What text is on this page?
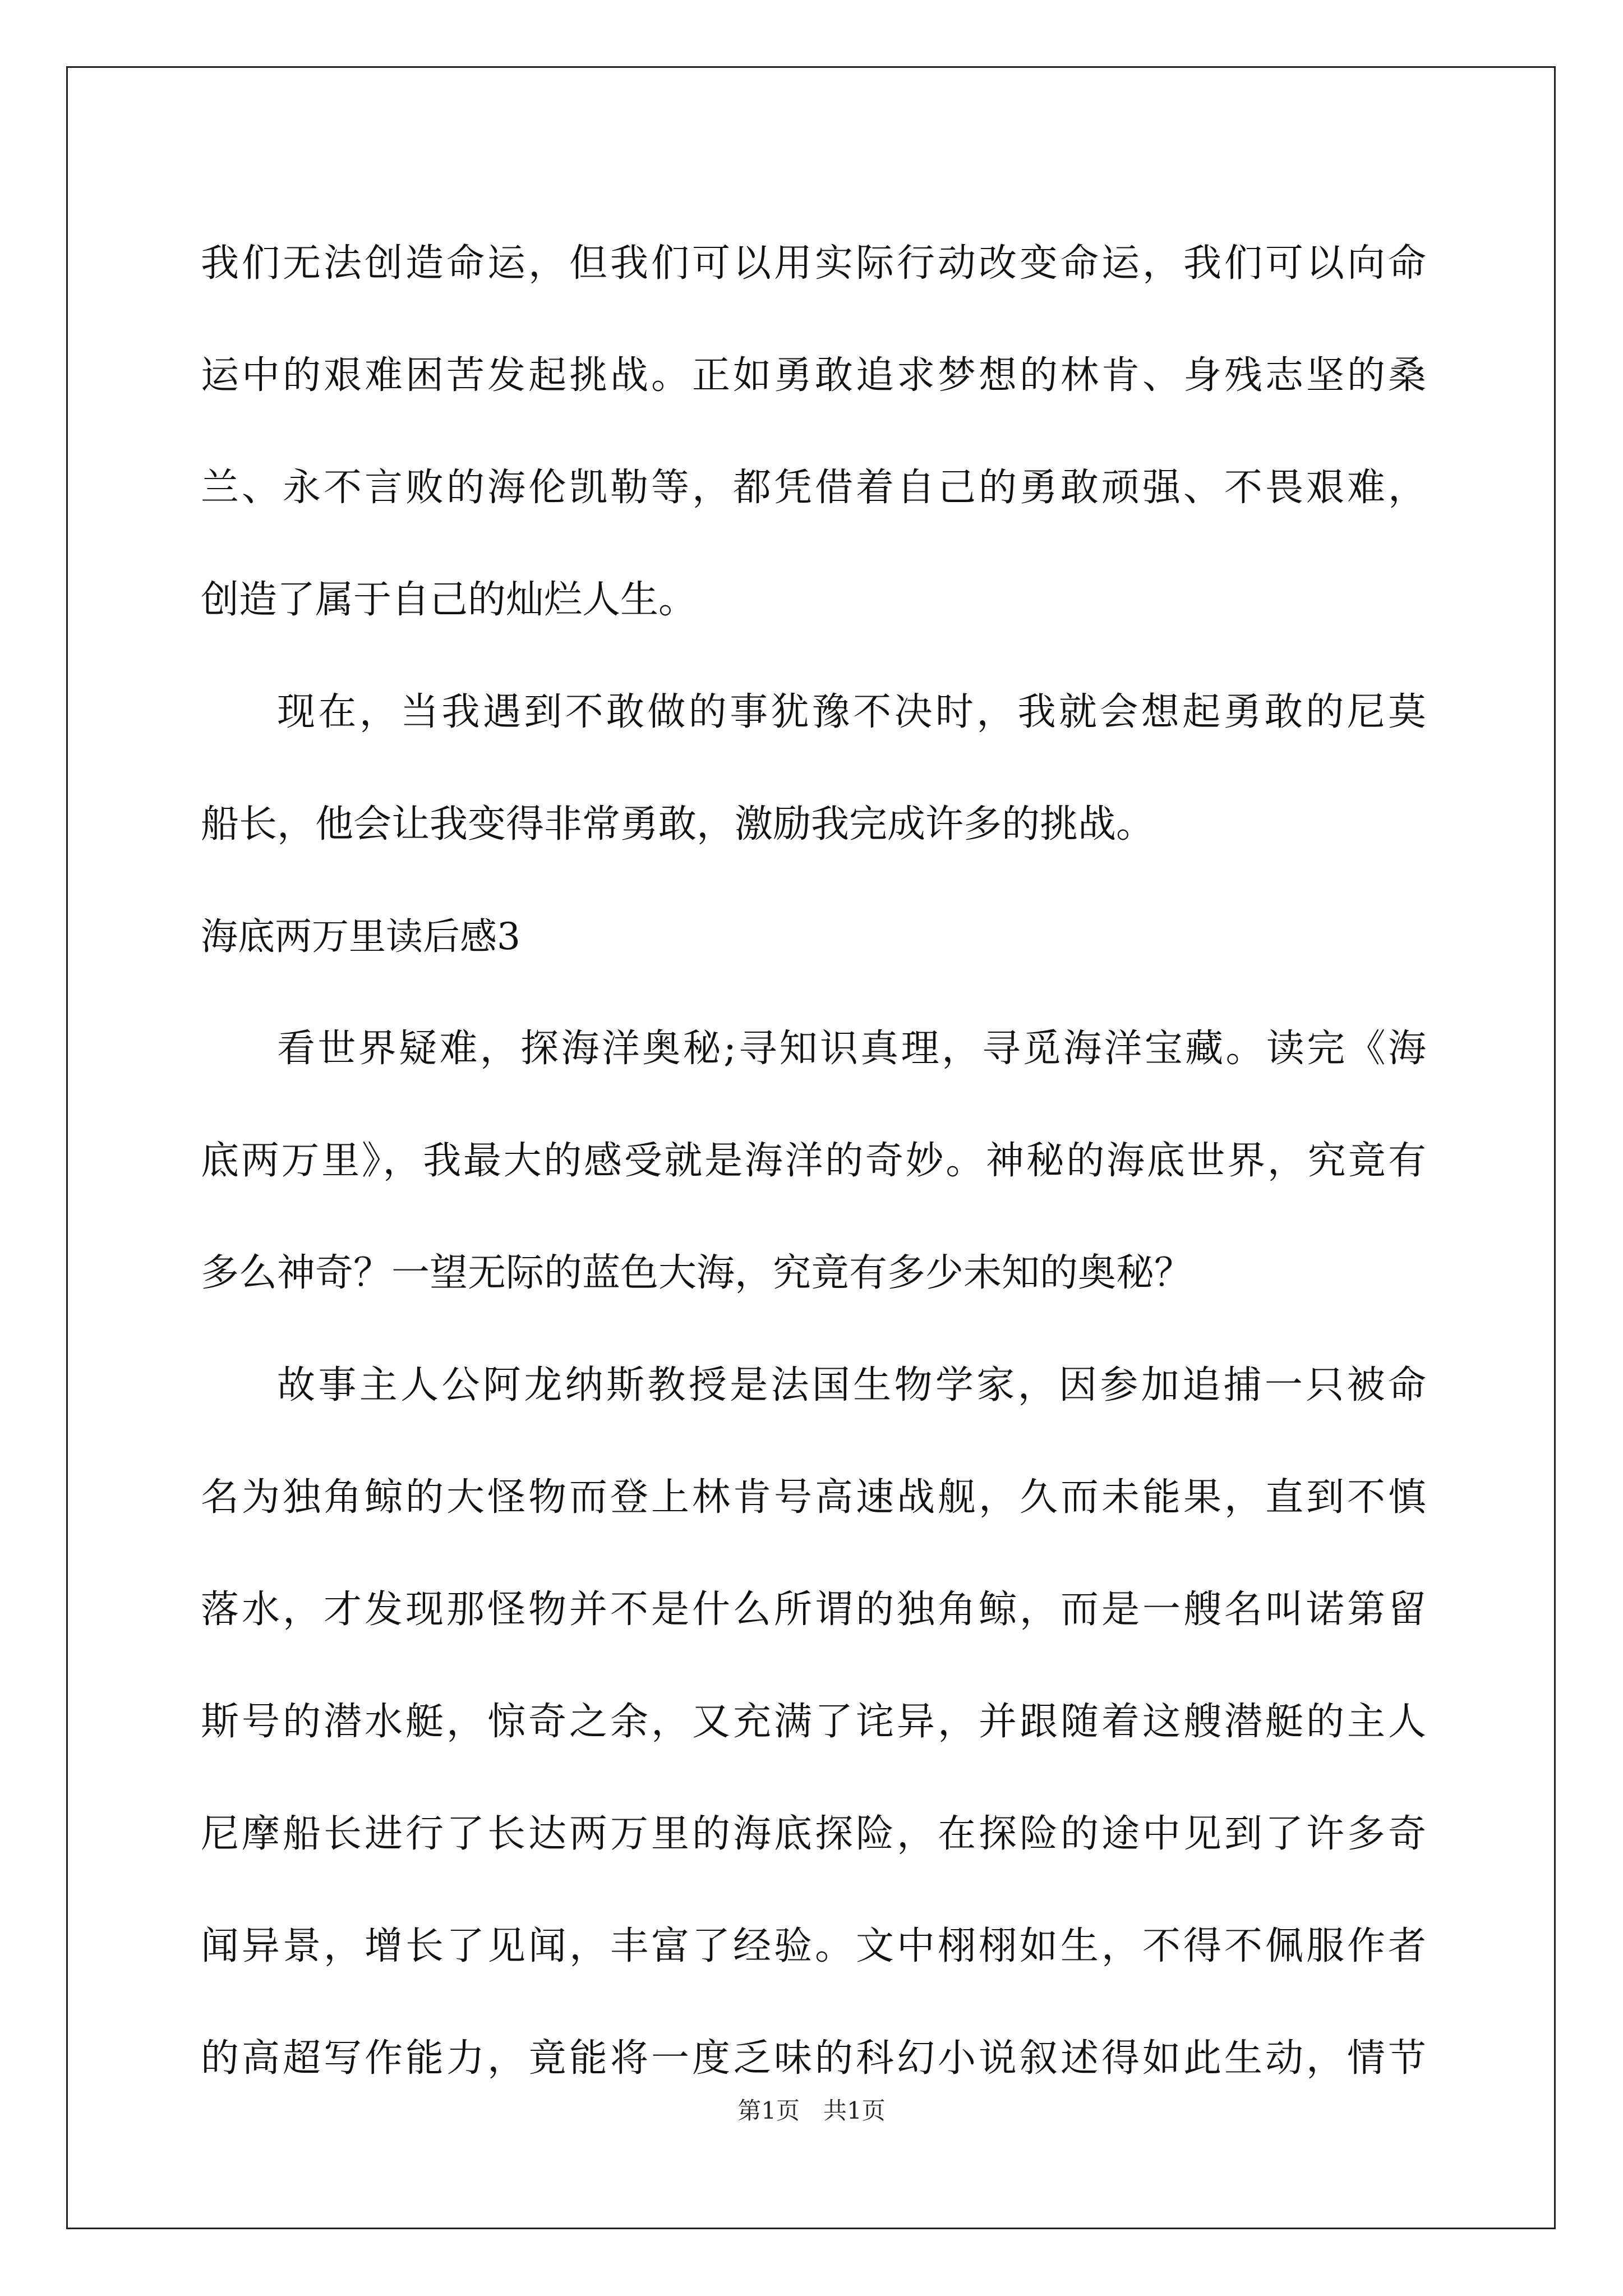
我们无法创造命运，但我们可以用实际行动改变命运，我们可以向命
运中的艰难困苦发起挑战。正如勇敢追求梦想的林肯、身残志坚的桑
兰、永不言败的海伦凯勒等，都凭借着自己的勇敢顽强、不畏艰难，
创造了属于自己的灿烂人生。
现在，当我遇到不敢做的事犹豫不决时，我就会想起勇敢的尼莫
船长，他会让我变得非常勇敢，激励我完成许多的挑战。
海底两万里读后感3
看世界疑难，探海洋奥秘;寻知识真理，寻觅海洋宝藏。读完《海
底两万里》，我最大的感受就是海洋的奇妙。神秘的海底世界，究竟有
多么神奇？一望无际的蓝色大海，究竟有多少未知的奥秘？
故事主人公阿龙纳斯教授是法国生物学家，因参加追捕一只被命
名为独角鲸的大怪物而登上林肯号高速战舰，久而未能果，直到不慎
落水，才发现那怪物并不是什么所谓的独角鲸，而是一艘名叫诺第留
斯号的潜水艇，惊奇之余，又充满了诧异，并跟随着这艘潜艇的主人
尼摩船长进行了长达两万里的海底探险，在探险的途中见到了许多奇
闻异景，增长了见闻，丰富了经验。文中栩栩如生，不得不佩服作者
的高超写作能力，竟能将一度乏味的科幻小说叙述得如此生动，情节
第1页　共1页
